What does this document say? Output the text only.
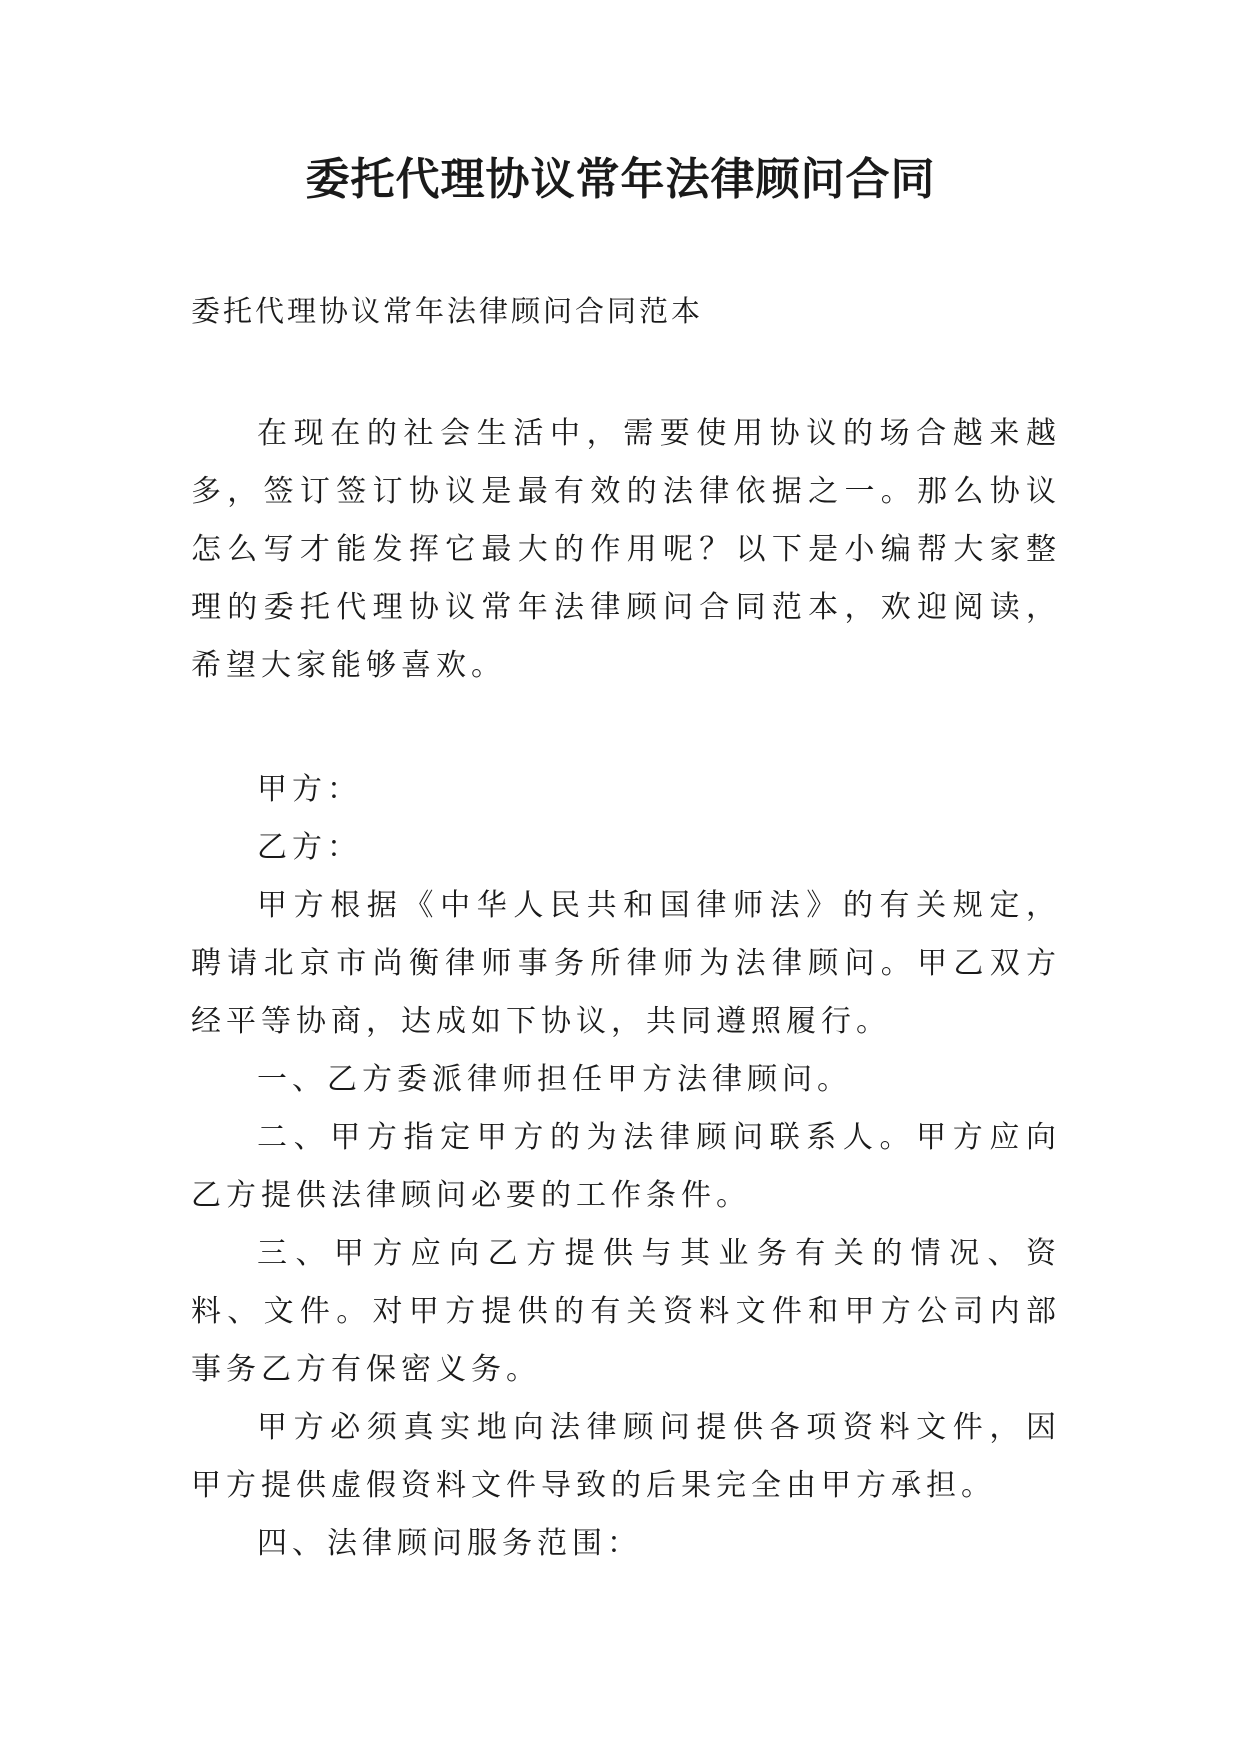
委托代理协议常年法律顾问合同

委托代理协议常年法律顾问合同范本

在现在的社会生活中，需要使用协议的场合越来越多，签订签订协议是最有效的法律依据之一。那么协议怎么写才能发挥它最大的作用呢？以下是小编帮大家整理的委托代理协议常年法律顾问合同范本，欢迎阅读，希望大家能够喜欢。

甲方：

乙方：

甲方根据《中华人民共和国律师法》的有关规定，聘请北京市尚衡律师事务所律师为法律顾问。甲乙双方经平等协商，达成如下协议，共同遵照履行。

一、乙方委派律师担任甲方法律顾问。

二、甲方指定甲方的为法律顾问联系人。甲方应向乙方提供法律顾问必要的工作条件。

三、甲方应向乙方提供与其业务有关的情况、资料、文件。对甲方提供的有关资料文件和甲方公司内部事务乙方有保密义务。

甲方必须真实地向法律顾问提供各项资料文件，因甲方提供虚假资料文件导致的后果完全由甲方承担。

四、法律顾问服务范围：
